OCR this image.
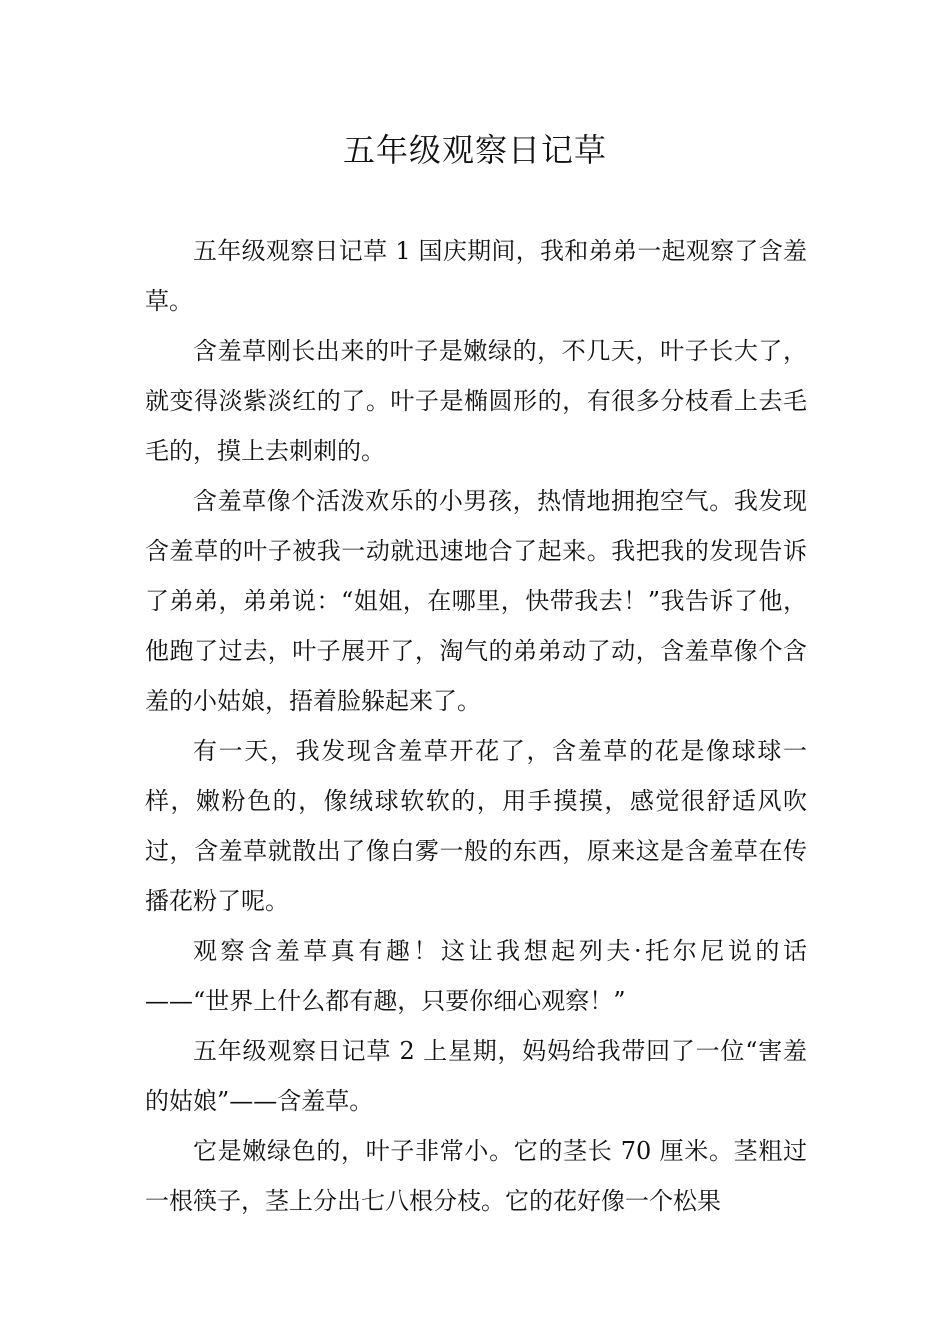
五年级观察日记草

五年级观察日记草 1 国庆期间，我和弟弟一起观察了含羞草。

含羞草刚长出来的叶子是嫩绿的，不几天，叶子长大了，就变得淡紫淡红的了。叶子是椭圆形的，有很多分枝看上去毛毛的，摸上去刺刺的。

含羞草像个活泼欢乐的小男孩，热情地拥抱空气。我发现含羞草的叶子被我一动就迅速地合了起来。我把我的发现告诉了弟弟，弟弟说：“姐姐，在哪里，快带我去！”我告诉了他，他跑了过去，叶子展开了，淘气的弟弟动了动，含羞草像个含羞的小姑娘，捂着脸躲起来了。

有一天，我发现含羞草开花了，含羞草的花是像球球一样，嫩粉色的，像绒球软软的，用手摸摸，感觉很舒适风吹过，含羞草就散出了像白雾一般的东西，原来这是含羞草在传播花粉了呢。

观察含羞草真有趣！这让我想起列夫·托尔尼说的话——“世界上什么都有趣，只要你细心观察！”

五年级观察日记草 2 上星期，妈妈给我带回了一位“害羞的姑娘”——含羞草。

它是嫩绿色的，叶子非常小。它的茎长 70 厘米。茎粗过一根筷子，茎上分出七八根分枝。它的花好像一个松果
